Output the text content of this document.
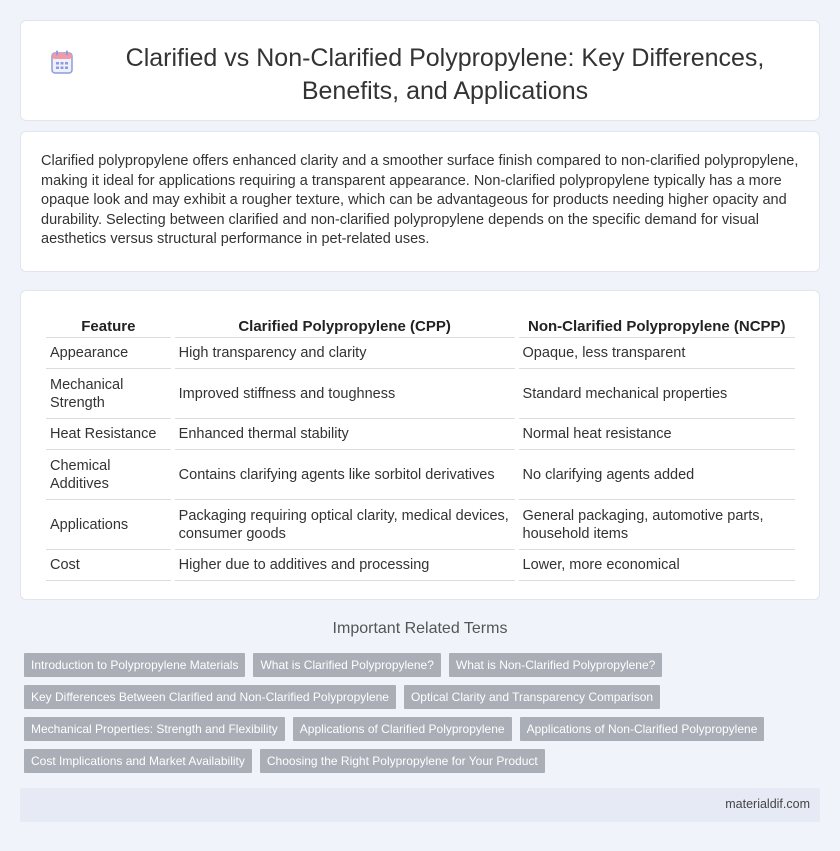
Clarified vs Non-Clarified Polypropylene: Key Differences, Benefits, and Applications

Clarified polypropylene offers enhanced clarity and a smoother surface finish compared to non-clarified polypropylene, making it ideal for applications requiring a transparent appearance. Non-clarified polypropylene typically has a more opaque look and may exhibit a rougher texture, which can be advantageous for products needing higher opacity and durability. Selecting between clarified and non-clarified polypropylene depends on the specific demand for visual aesthetics versus structural performance in pet-related uses.

Feature	Clarified Polypropylene (CPP)	Non-Clarified Polypropylene (NCPP)
Appearance	High transparency and clarity	Opaque, less transparent
Mechanical Strength	Improved stiffness and toughness	Standard mechanical properties
Heat Resistance	Enhanced thermal stability	Normal heat resistance
Chemical Additives	Contains clarifying agents like sorbitol derivatives	No clarifying agents added
Applications	Packaging requiring optical clarity, medical devices, consumer goods	General packaging, automotive parts, household items
Cost	Higher due to additives and processing	Lower, more economical
Important Related Terms
Introduction to Polypropylene Materials	What is Clarified Polypropylene?	What is Non-Clarified Polypropylene?
Key Differences Between Clarified and Non-Clarified Polypropylene	Optical Clarity and Transparency Comparison
Mechanical Properties: Strength and Flexibility	Applications of Clarified Polypropylene	Applications of Non-Clarified Polypropylene
Cost Implications and Market Availability	Choosing the Right Polypropylene for Your Product
materialdif.com
